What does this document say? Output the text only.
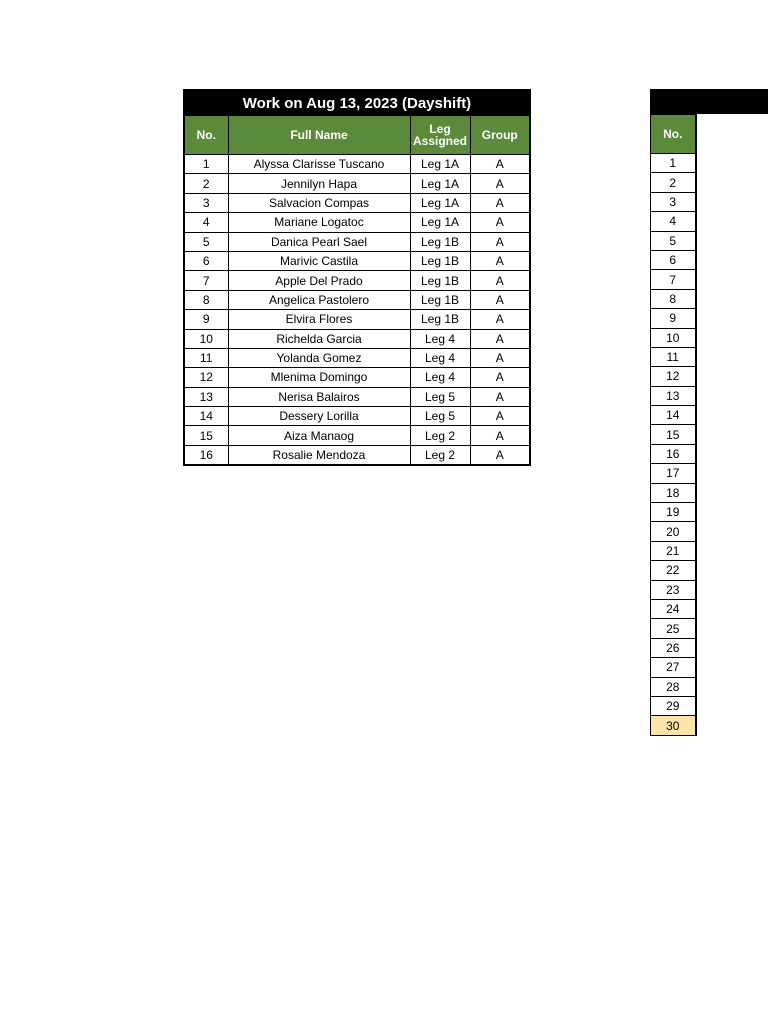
Work on Aug 13, 2023 (Dayshift)			
No.	Full Name	Leg Assigned	Group
1	Alyssa Clarisse Tuscano	Leg 1A	A
2	Jennilyn Hapa	Leg 1A	A
3	Salvacion Compas	Leg 1A	A
4	Mariane Logatoc	Leg 1A	A
5	Danica Pearl Sael	Leg 1B	A
6	Marivic Castila	Leg 1B	A
7	Apple Del Prado	Leg 1B	A
8	Angelica Pastolero	Leg 1B	A
9	Elvira Flores	Leg 1B	A
10	Richelda Garcia	Leg 4	A
11	Yolanda Gomez	Leg 4	A
12	Mlenima Domingo	Leg 4	A
13	Nerisa Balairos	Leg 5	A
14	Dessery Lorilla	Leg 5	A
15	Aiza Manaog	Leg 2	A
16	Rosalie Mendoza	Leg 2	A

No.
1
2
3
4
5
6
7
8
9
10
11
12
13
14
15
16
17
18
19
20
21
22
23
24
25
26
27
28
29
30
